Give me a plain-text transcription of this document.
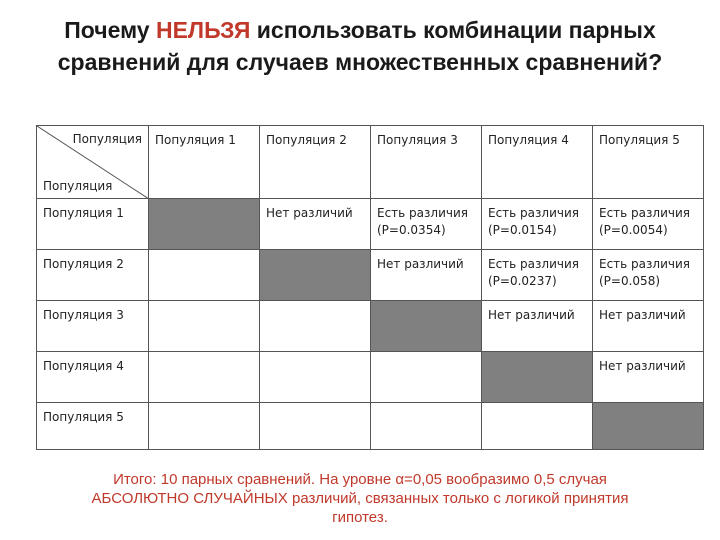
Почему НЕЛЬЗЯ использовать комбинации парных сравнений для случаев множественных сравнений?
Популяция
Популяция	Популяция 1	Популяция 2	Популяция 3	Популяция 4	Популяция 5

Популяция 1		Нет различий	Есть различия (P=0.0354)	Есть различия (P=0.0154)	Есть различия (P=0.0054)

Популяция 2			Нет различий	Есть различия (P=0.0237)	Есть различия (P=0.058)

Популяция 3				Нет различий	Нет различий

Популяция 4					Нет различий

Популяция 5					

Итого: 10 парных сравнений. На уровне α=0,05 вообразимо 0,5 случая
АБСОЛЮТНО СЛУЧАЙНЫХ различий, связанных только с логикой принятия
гипотез.
